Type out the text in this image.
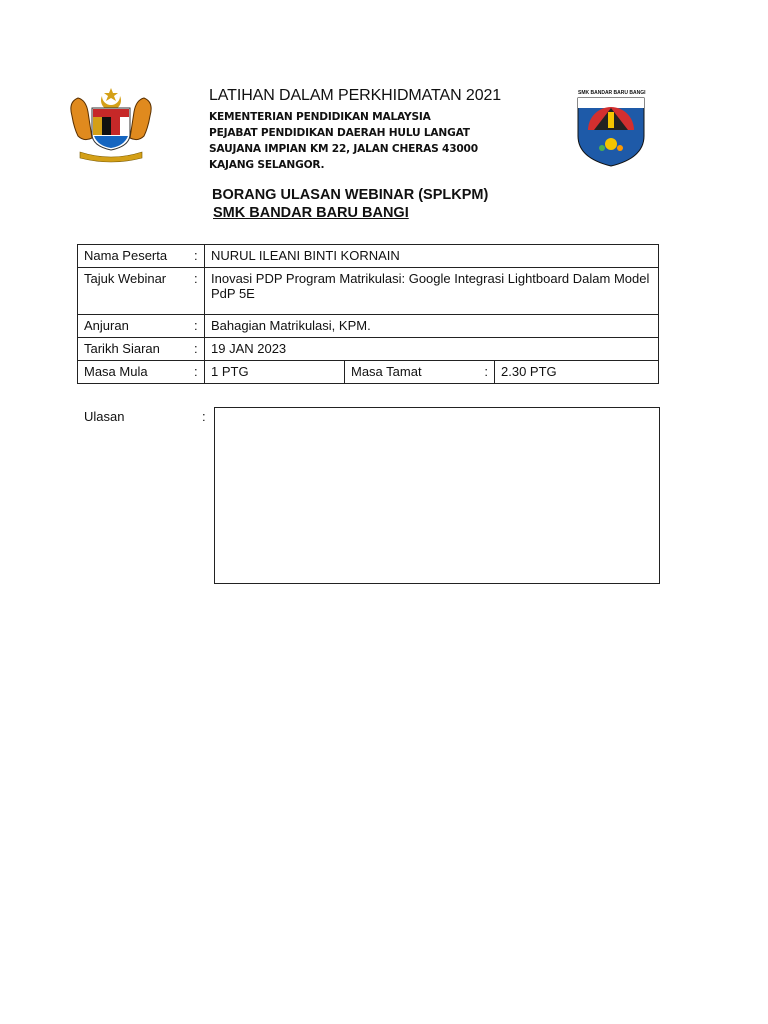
SMK BANDAR BARU BANGI
LATIHAN DALAM PERKHIDMATAN 2021
KEMENTERIAN PENDIDIKAN MALAYSIA
PEJABAT PENDIDIKAN DAERAH HULU LANGAT
SAUJANA IMPIAN KM 22, JALAN CHERAS 43000
KAJANG SELANGOR.
BORANG ULASAN WEBINAR (SPLKPM)
SMK BANDAR BARU BANGI
Nama Peserta	:	NURUL ILEANI BINTI KORNAIN		
Tajuk Webinar	:	Inovasi PDP Program Matrikulasi: Google Integrasi Lightboard Dalam Model PdP 5E		
Anjuran	:	Bahagian Matrikulasi, KPM.		
Tarikh Siaran	:	19 JAN 2023		
Masa Mula	:	1 PTG	Masa Tamat :	2.30 PTG
Ulasan	:
